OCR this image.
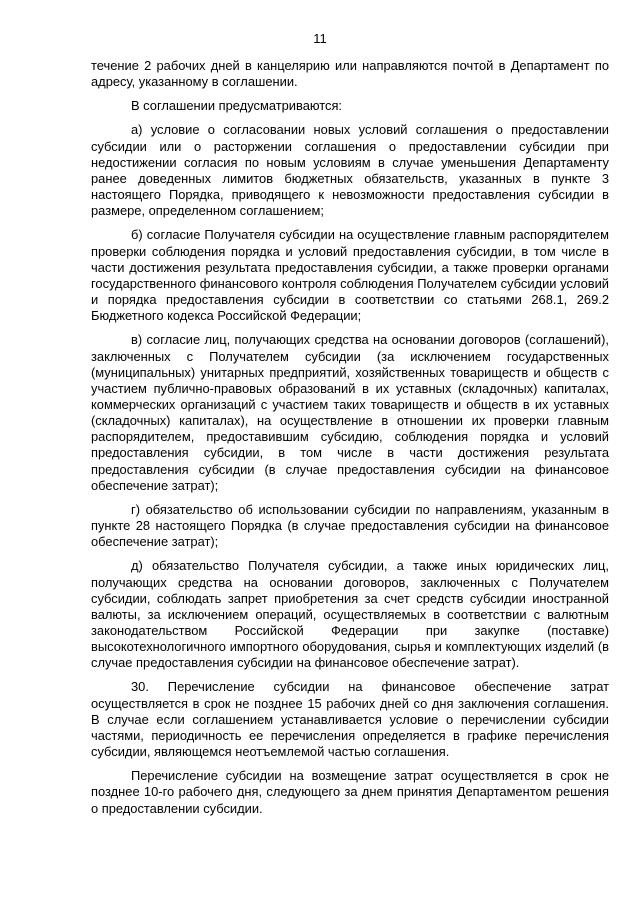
11

течение 2 рабочих дней в канцелярию или направляются почтой в Департамент по адресу, указанному в соглашении.

В соглашении предусматриваются:

а) условие о согласовании новых условий соглашения о предоставлении субсидии или о расторжении соглашения о предоставлении субсидии при недостижении согласия по новым условиям в случае уменьшения Департаменту ранее доведенных лимитов бюджетных обязательств, указанных в пункте 3 настоящего Порядка, приводящего к невозможности предоставления субсидии в размере, определенном соглашением;

б) согласие Получателя субсидии на осуществление главным распорядителем проверки соблюдения порядка и условий предоставления субсидии, в том числе в части достижения результата предоставления субсидии, а также проверки органами государственного финансового контроля соблюдения Получателем субсидии условий и порядка предоставления субсидии в соответствии со статьями 268.1, 269.2 Бюджетного кодекса Российской Федерации;

в) согласие лиц, получающих средства на основании договоров (соглашений), заключенных с Получателем субсидии (за исключением государственных (муниципальных) унитарных предприятий, хозяйственных товариществ и обществ с участием публично-правовых образований в их уставных (складочных) капиталах, коммерческих организаций с участием таких товариществ и обществ в их уставных (складочных) капиталах), на осуществление в отношении их проверки главным распорядителем, предоставившим субсидию, соблюдения порядка и условий предоставления субсидии, в том числе в части достижения результата предоставления субсидии (в случае предоставления субсидии на финансовое обеспечение затрат);

г) обязательство об использовании субсидии по направлениям, указанным в пункте 28 настоящего Порядка (в случае предоставления субсидии на финансовое обеспечение затрат);

д) обязательство Получателя субсидии, а также иных юридических лиц, получающих средства на основании договоров, заключенных с Получателем субсидии, соблюдать запрет приобретения за счет средств субсидии иностранной валюты, за исключением операций, осуществляемых в соответствии с валютным законодательством Российской Федерации при закупке (поставке) высокотехнологичного импортного оборудования, сырья и комплектующих изделий (в случае предоставления субсидии на финансовое обеспечение затрат).

30. Перечисление субсидии на финансовое обеспечение затрат осуществляется в срок не позднее 15 рабочих дней со дня заключения соглашения. В случае если соглашением устанавливается условие о перечислении субсидии частями, периодичность ее перечисления определяется в графике перечисления субсидии, являющемся неотъемлемой частью соглашения.

Перечисление субсидии на возмещение затрат осуществляется в срок не позднее 10-го рабочего дня, следующего за днем принятия Департаментом решения о предоставлении субсидии.
